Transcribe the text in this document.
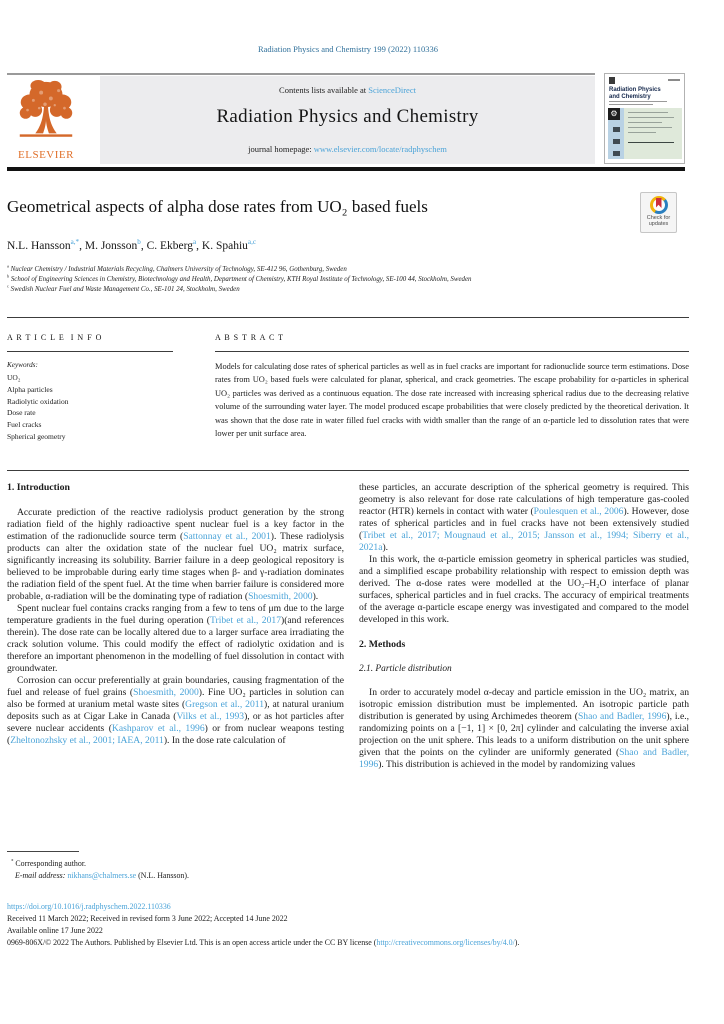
Radiation Physics and Chemistry 199 (2022) 110336
ELSEVIER
Contents lists available at ScienceDirect
Radiation Physics and Chemistry
journal homepage: www.elsevier.com/locate/radphyschem
Radiation Physics and Chemistry
⚙
Geometrical aspects of alpha dose rates from UO₂ based fuels
Check for updates
N.L. Hansson$^{a,*}$, M. Jonsson$^b$, C. Ekberg$^a$, K. Spahiu$^{a,c}$
$^a$ Nuclear Chemistry / Industrial Materials Recycling, Chalmers University of Technology, SE-412 96, Gothenburg, Sweden
$^b$ School of Engineering Sciences in Chemistry, Biotechnology and Health, Department of Chemistry, KTH Royal Institute of Technology, SE-100 44, Stockholm, Sweden
$^c$ Swedish Nuclear Fuel and Waste Management Co., SE-101 24, Stockholm, Sweden
A R T I C L E  I N F O	A B S T R A C T
Keywords:
UO₂
Alpha particles
Radiolytic oxidation
Dose rate
Fuel cracks
Spherical geometry
Models for calculating dose rates of spherical particles as well as in fuel cracks are important for radionuclide source term estimations. Dose rates from UO₂ based fuels were calculated for planar, spherical, and crack geometries. The escape probability for α-particles in spherical UO₂ particles was derived as a continuous equation. The dose rate increased with increasing spherical radius due to the decreasing relative volume of the surrounding water layer. The model produced escape probabilities that were closely predicted by the theoretical derivation. It was shown that the dose rate in water filled fuel cracks with width smaller than the range of an α-particle led to dissolution rates that were lower per unit surface area.
1. Introduction

Accurate prediction of the reactive radiolysis product generation by the strong radiation field of the highly radioactive spent nuclear fuel is a key factor in the estimation of the radionuclide source term (Sattonnay et al., 2001). These radiolysis products can alter the oxidation state of the nuclear fuel UO₂ matrix surface, significantly increasing its solubility. Barrier failure in a deep geological repository is believed to be improbable during early time stages when β- and γ-radiation dominates the radiation field of the spent fuel. At the time when barrier failure is considered more probable, α-radiation will be the dominating type of radiation (Shoesmith, 2000).

Spent nuclear fuel contains cracks ranging from a few to tens of μm due to the large temperature gradients in the fuel during operation (Tribet et al., 2017)(and references therein). The dose rate can be locally altered due to a larger surface area irradiating the crack solution volume. This could modify the effect of radiolytic oxidation and is therefore an important phenomenon in the modelling of fuel dissolution in contact with groundwater.

Corrosion can occur preferentially at grain boundaries, causing fragmentation of the fuel and release of fuel grains (Shoesmith, 2000). Fine UO₂ particles in solution can also be formed at uranium metal waste sites (Gregson et al., 2011), at natural uranium deposits such as at Cigar Lake in Canada (Vilks et al., 1993), or as hot particles after severe nuclear accidents (Kashparov et al., 1996) or from nuclear weapons testing (Zheltonozhsky et al., 2001; IAEA, 2011). In the dose rate calculation of

these particles, an accurate description of the spherical geometry is required. This geometry is also relevant for dose rate calculations of high temperature gas-cooled reactor (HTR) kernels in contact with water (Poulesquen et al., 2006). However, dose rates of spherical particles and in fuel cracks have not been extensively studied (Tribet et al., 2017; Mougnaud et al., 2015; Jansson et al., 1994; Siberry et al., 2021a).

In this work, the α-particle emission geometry in spherical particles was studied, and a simplified escape probability relationship with respect to emission depth was derived. The α-dose rates were modelled at the UO₂–H₂O interface of planar surfaces, spherical particles and in fuel cracks. The accuracy of empirical treatments of the average α-particle escape energy was investigated and compared to the model developed in this work.

2. Methods
2.1. Particle distribution

In order to accurately model α-decay and particle emission in the UO₂ matrix, an isotropic emission distribution must be implemented. An isotropic particle path distribution is generated by using Archimedes theorem (Shao and Badler, 1996), i.e., randomizing points on a [−1, 1] × [0, 2π] cylinder and calculating the inverse axial projection on the unit sphere. This leads to a uniform distribution on the unit sphere given that the points on the cylinder are uniformly generated (Shao and Badler, 1996). This distribution is achieved in the model by randomizing values

* Corresponding author.
E-mail address: nikhans@chalmers.se (N.L. Hansson).
https://doi.org/10.1016/j.radphyschem.2022.110336
Received 11 March 2022; Received in revised form 3 June 2022; Accepted 14 June 2022
Available online 17 June 2022
0969-806X/© 2022 The Authors. Published by Elsevier Ltd. This is an open access article under the CC BY license (http://creativecommons.org/licenses/by/4.0/).
